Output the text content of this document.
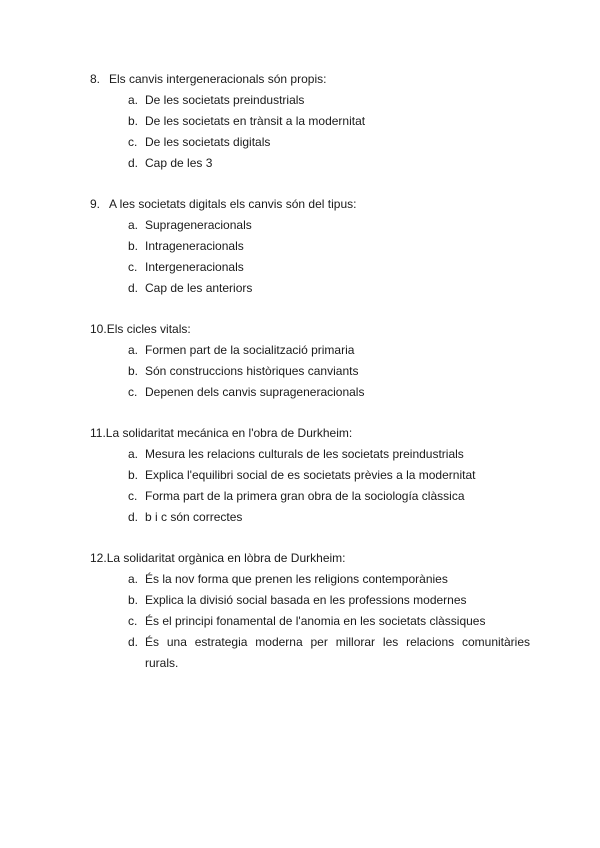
8. Els canvis intergeneracionals són propis:
a. De les societats preindustrials
b. De les societats en trànsit a la modernitat
c. De les societats digitals
d. Cap de les 3
9. A les societats digitals els canvis són del tipus:
a. Suprageneracionals
b. Intrageneracionals
c. Intergeneracionals
d. Cap de les anteriors
10. Els cicles vitals:
a. Formen part de la socialització primaria
b. Són construccions històriques canviants
c. Depenen dels canvis suprageneracionals
11. La solidaritat mecánica en l'obra de Durkheim:
a. Mesura les relacions culturals de les societats preindustrials
b. Explica l'equilibri social de es societats prèvies a la modernitat
c. Forma part de la primera gran obra de la sociología clàssica
d. b i c són correctes
12. La solidaritat orgànica en lòbra de Durkheim:
a. És la nov forma que prenen les religions contemporànies
b. Explica la divisió social basada en les professions modernes
c. És el principi fonamental de l'anomia en les societats clàssiques
d. És una estrategia moderna per millorar les relacions comunitàries rurals.
